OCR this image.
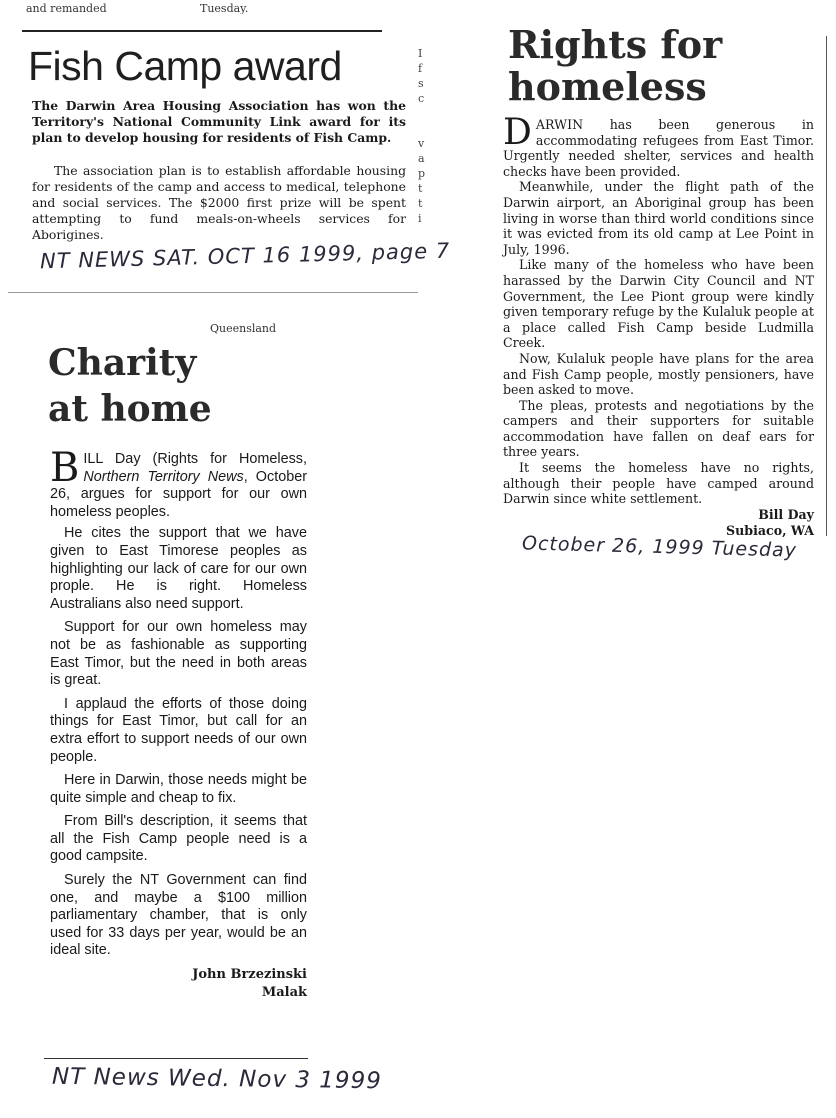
and remanded	Tuesday.
Fish Camp award

The Darwin Area Housing Association has won the Territory's National Community Link award for its plan to develop housing for residents of Fish Camp.

The association plan is to establish affordable housing for residents of the camp and access to medical, telephone and social services. The $2000 first prize will be spent attempting to fund meals-on-wheels services for Aborigines.

I
f
s
c
v
a
p
t
t
i
NT NEWS SAT. OCT 16 1999, page 7
Rights for
homeless

DARWIN has been generous in accommodating refugees from East Timor. Urgently needed shelter, services and health checks have been provided.

Meanwhile, under the flight path of the Darwin airport, an Aboriginal group has been living in worse than third world conditions since it was evicted from its old camp at Lee Point in July, 1996.

Like many of the homeless who have been harassed by the Darwin City Council and NT Government, the Lee Piont group were kindly given temporary refuge by the Kulaluk people at a place called Fish Camp beside Ludmilla Creek.

Now, Kulaluk people have plans for the area and Fish Camp people, mostly pensioners, have been asked to move.

The pleas, protests and negotiations by the campers and their supporters for suitable accommodation have fallen on deaf ears for three years.

It seems the homeless have no rights, although their people have camped around Darwin since white settlement.

Bill Day
Subiaco, WA
October 26, 1999 Tuesday
Queensland
Charity
at home

BILL Day (Rights for Homeless, Northern Territory News, October 26, argues for support for our own homeless peoples.

He cites the support that we have given to East Timorese peoples as highlighting our lack of care for our own prople. He is right. Homeless Australians also need support.

Support for our own homeless may not be as fashionable as supporting East Timor, but the need in both areas is great.

I applaud the efforts of those doing things for East Timor, but call for an extra effort to support needs of our own people.

Here in Darwin, those needs might be quite simple and cheap to fix.

From Bill's description, it seems that all the Fish Camp people need is a good campsite.

Surely the NT Government can find one, and maybe a $100 million parliamentary chamber, that is only used for 33 days per year, would be an ideal site.

John Brzezinski
Malak
NT News Wed. Nov 3 1999
